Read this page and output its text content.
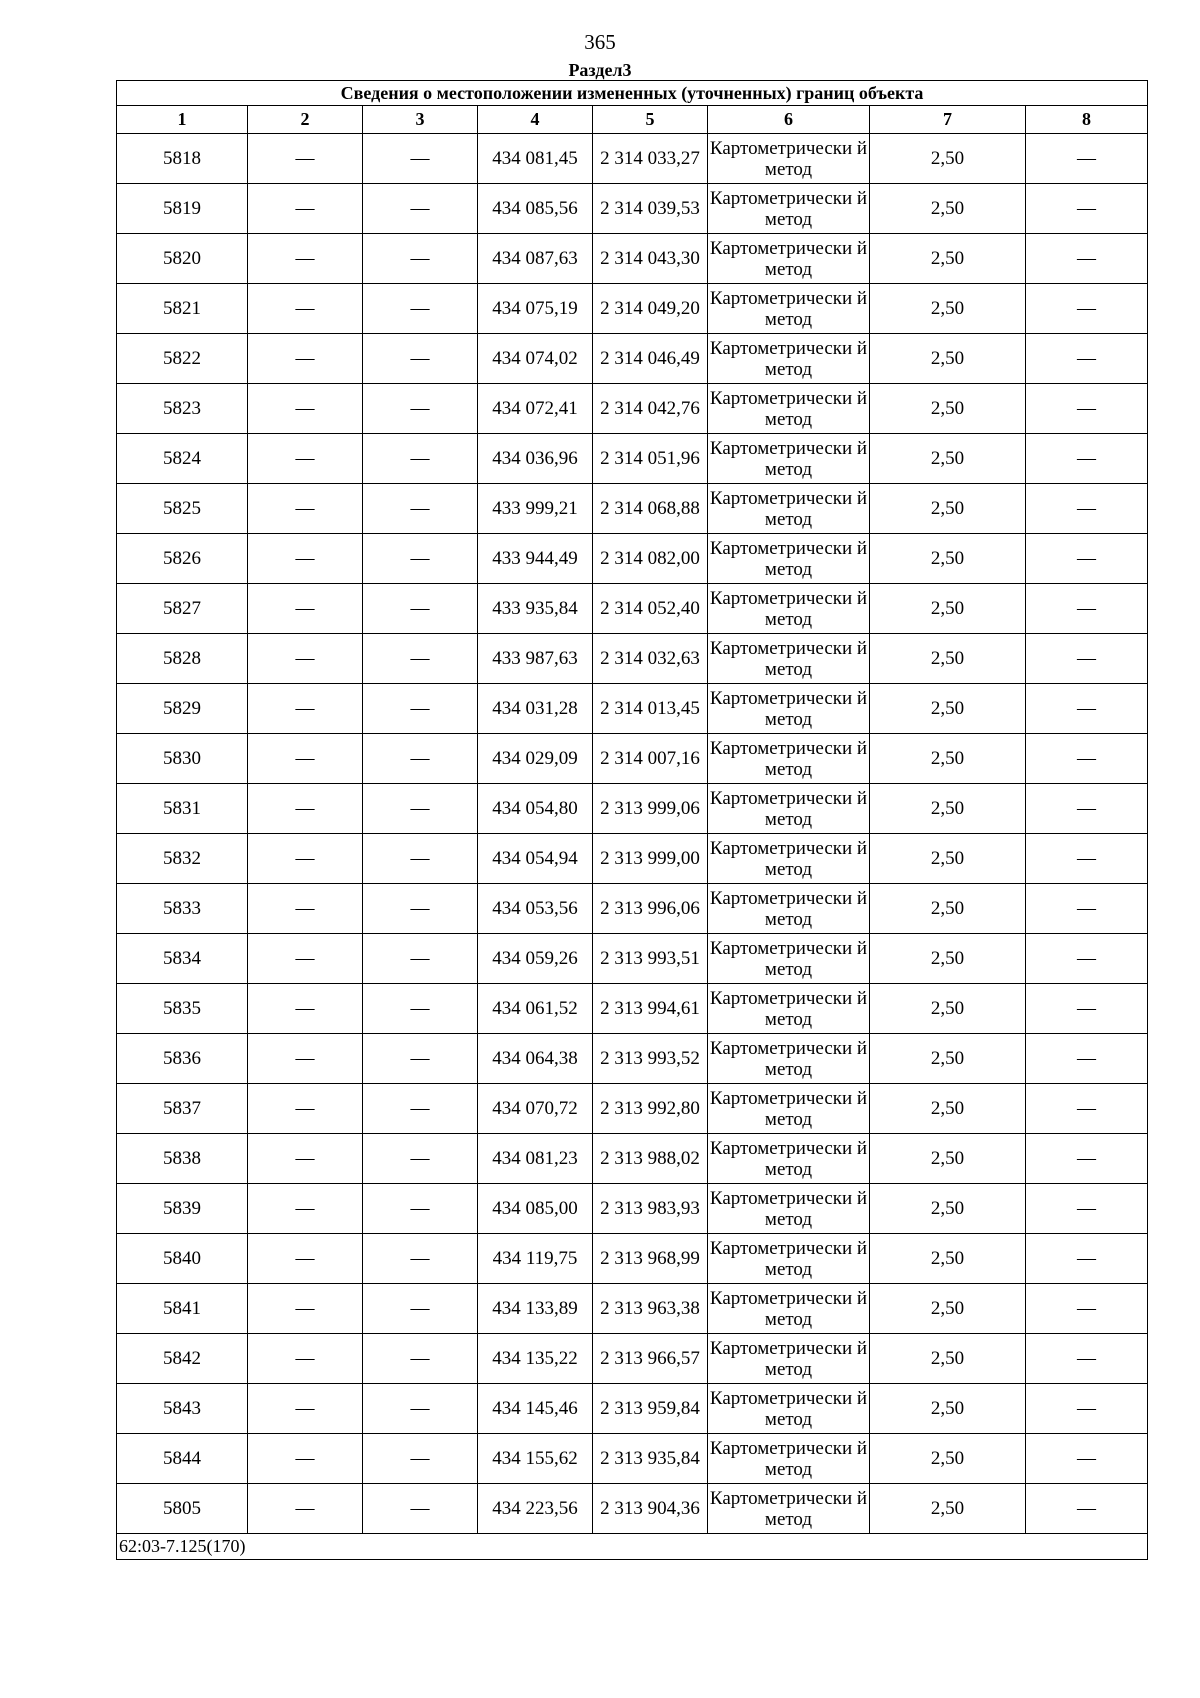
365
Раздел3
Сведения о местоположении измененных (уточненных) границ объекта							
1	2	3	4	5	6	7	8
5818	—	—	434 081,45	2 314 033,27	Картометрически й метод	2,50	—
5819	—	—	434 085,56	2 314 039,53	Картометрически й метод	2,50	—
5820	—	—	434 087,63	2 314 043,30	Картометрически й метод	2,50	—
5821	—	—	434 075,19	2 314 049,20	Картометрически й метод	2,50	—
5822	—	—	434 074,02	2 314 046,49	Картометрически й метод	2,50	—
5823	—	—	434 072,41	2 314 042,76	Картометрически й метод	2,50	—
5824	—	—	434 036,96	2 314 051,96	Картометрически й метод	2,50	—
5825	—	—	433 999,21	2 314 068,88	Картометрически й метод	2,50	—
5826	—	—	433 944,49	2 314 082,00	Картометрически й метод	2,50	—
5827	—	—	433 935,84	2 314 052,40	Картометрически й метод	2,50	—
5828	—	—	433 987,63	2 314 032,63	Картометрически й метод	2,50	—
5829	—	—	434 031,28	2 314 013,45	Картометрически й метод	2,50	—
5830	—	—	434 029,09	2 314 007,16	Картометрически й метод	2,50	—
5831	—	—	434 054,80	2 313 999,06	Картометрически й метод	2,50	—
5832	—	—	434 054,94	2 313 999,00	Картометрически й метод	2,50	—
5833	—	—	434 053,56	2 313 996,06	Картометрически й метод	2,50	—
5834	—	—	434 059,26	2 313 993,51	Картометрически й метод	2,50	—
5835	—	—	434 061,52	2 313 994,61	Картометрически й метод	2,50	—
5836	—	—	434 064,38	2 313 993,52	Картометрически й метод	2,50	—
5837	—	—	434 070,72	2 313 992,80	Картометрически й метод	2,50	—
5838	—	—	434 081,23	2 313 988,02	Картометрически й метод	2,50	—
5839	—	—	434 085,00	2 313 983,93	Картометрически й метод	2,50	—
5840	—	—	434 119,75	2 313 968,99	Картометрически й метод	2,50	—
5841	—	—	434 133,89	2 313 963,38	Картометрически й метод	2,50	—
5842	—	—	434 135,22	2 313 966,57	Картометрически й метод	2,50	—
5843	—	—	434 145,46	2 313 959,84	Картометрически й метод	2,50	—
5844	—	—	434 155,62	2 313 935,84	Картометрически й метод	2,50	—
5805	—	—	434 223,56	2 313 904,36	Картометрически й метод	2,50	—
62:03-7.125(170)							
